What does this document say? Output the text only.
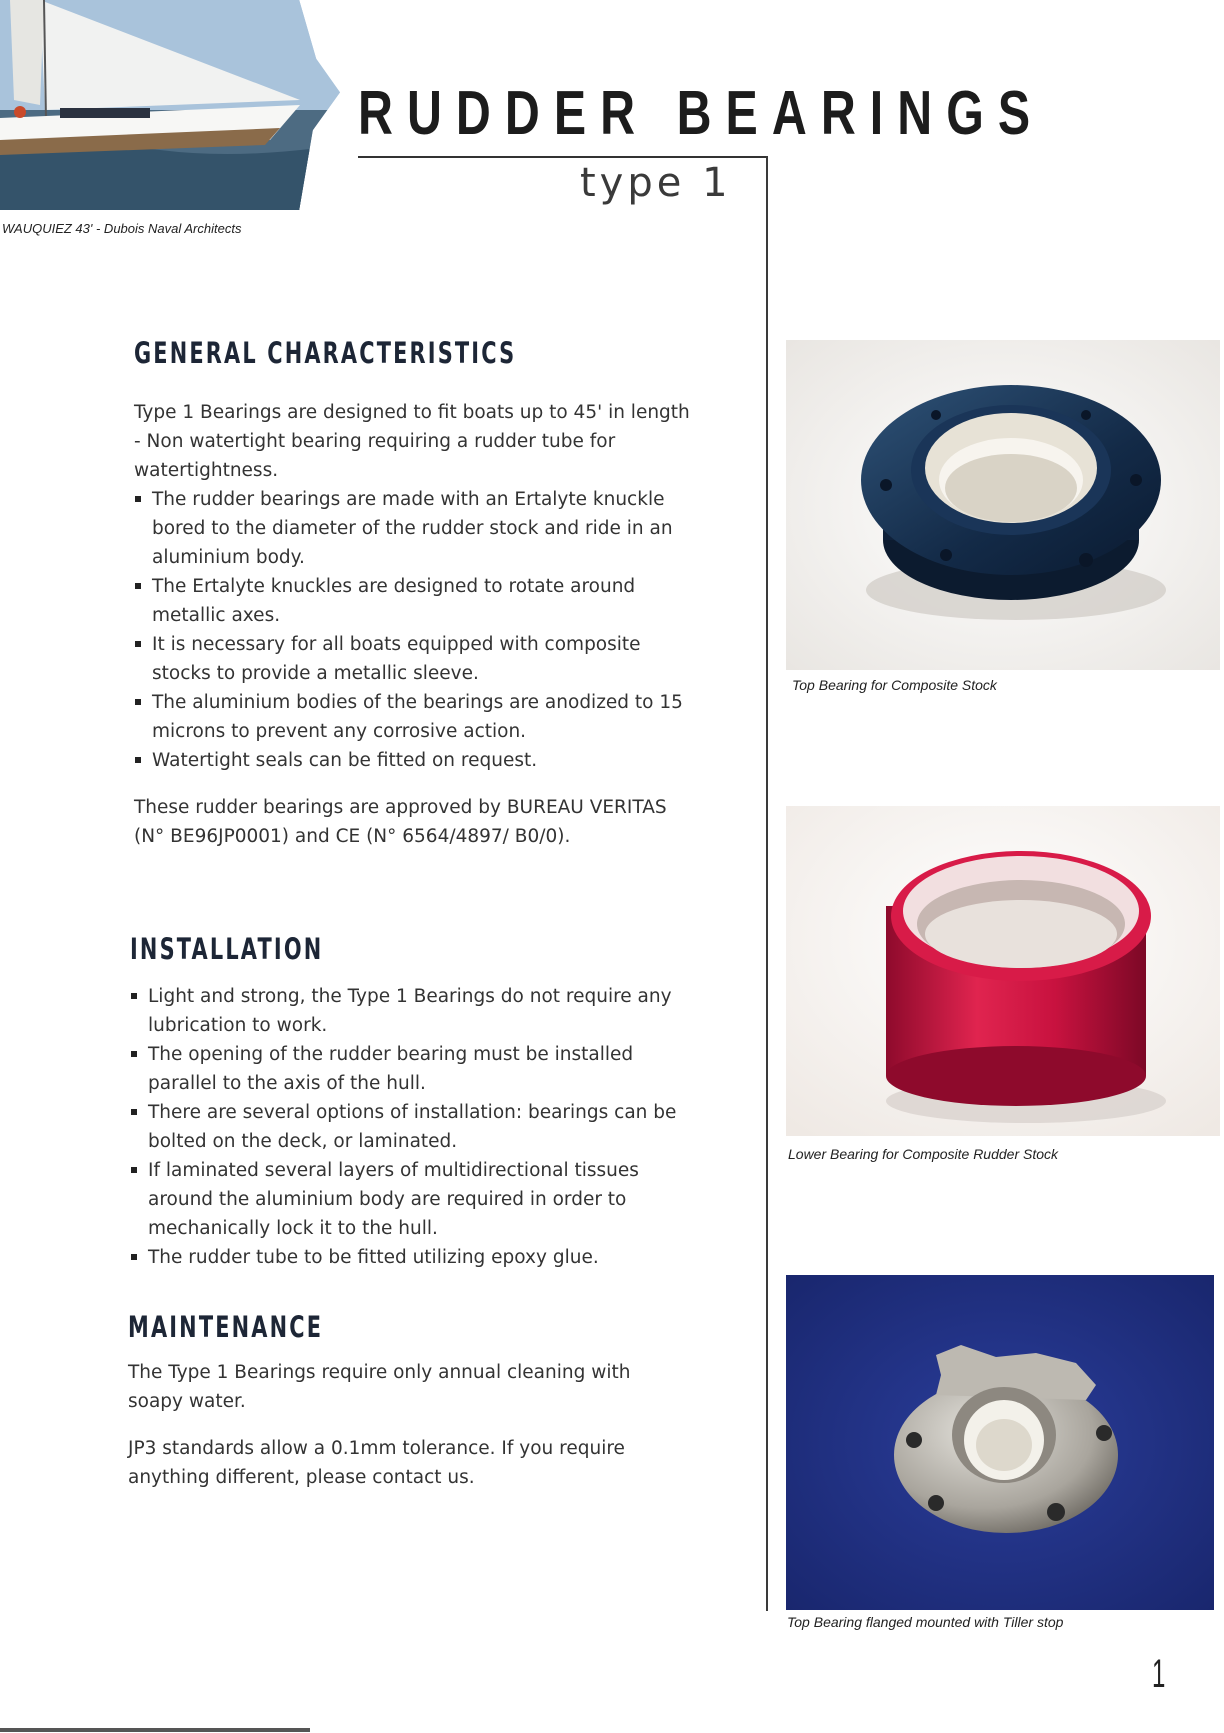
WAUQUIEZ 43' - Dubois Naval Architects
RUDDER BEARINGS
type 1
GENERAL CHARACTERISTICS

Type 1 Bearings are designed to fit boats up to 45' in length - Non watertight bearing requiring a rudder tube for watertightness.

The rudder bearings are made with an Ertalyte knuckle bored to the diameter of the rudder stock and ride in an aluminium body.
The Ertalyte knuckles are designed to rotate around metallic axes.
It is necessary for all boats equipped with composite stocks to provide a metallic sleeve.
The aluminium bodies of the bearings are anodized to 15 microns to prevent any corrosive action.
Watertight seals can be fitted on request.

These rudder bearings are approved by BUREAU VERITAS (N° BE96JP0001) and CE (N° 6564/4897/ B0/0).

INSTALLATION
Light and strong, the Type 1 Bearings do not require any lubrication to work.
The opening of the rudder bearing must be installed parallel to the axis of the hull.
There are several options of installation: bearings can be bolted on the deck, or laminated.
If laminated several layers of multidirectional tissues around the aluminium body are required in order to mechanically lock it to the hull.
The rudder tube to be fitted utilizing epoxy glue.
MAINTENANCE

The Type 1 Bearings require only annual cleaning with soapy water.

JP3 standards allow a 0.1mm tolerance. If you require anything different, please contact us.

Top Bearing for Composite Stock
Lower Bearing for Composite Rudder Stock
Top Bearing flanged mounted with Tiller stop
1
